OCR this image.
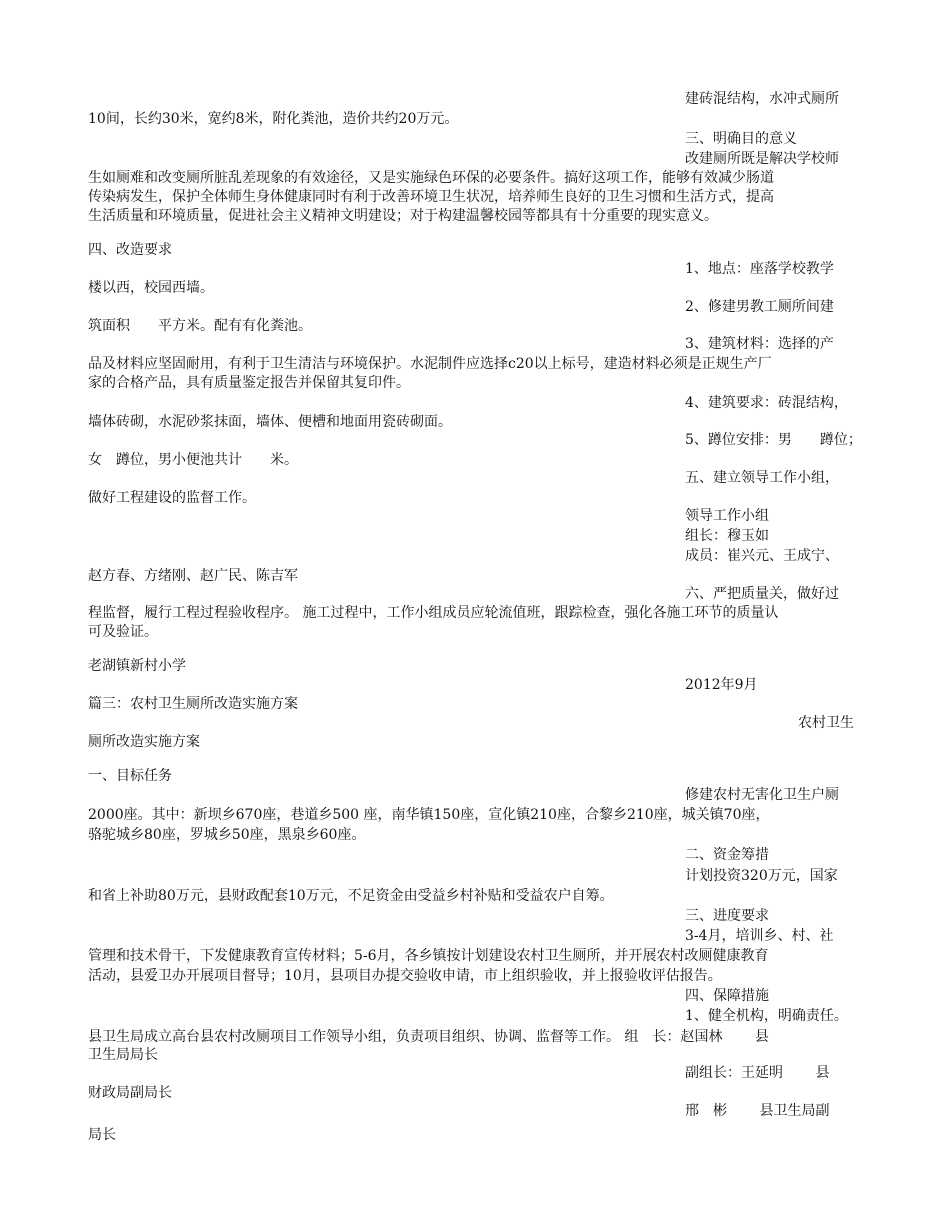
建砖混结构，水冲式厕所
10间，长约30米，宽约8米，附化粪池，造价共约20万元。
三、明确目的意义
改建厕所既是解决学校师
生如厕难和改变厕所脏乱差现象的有效途径，又是实施绿色环保的必要条件。搞好这项工作，能够有效减少肠道
传染病发生，保护全体师生身体健康同时有利于改善环境卫生状况，培养师生良好的卫生习惯和生活方式，提高
生活质量和环境质量，促进社会主义精神文明建设；对于构建温馨校园等都具有十分重要的现实意义。
四、改造要求
1、地点：座落学校教学
楼以西，校园西墙。
2、修建男教工厕所间建
筑面积　　平方米。配有有化粪池。
3、建筑材料：选择的产
品及材料应坚固耐用，有利于卫生清洁与环境保护。水泥制件应选择c20以上标号，建造材料必须是正规生产厂
家的合格产品，具有质量鉴定报告并保留其复印件。
4、建筑要求：砖混结构，
墙体砖砌，水泥砂浆抹面，墙体、便槽和地面用瓷砖砌面。
5、蹲位安排：男　　蹲位；
女　蹲位，男小便池共计　　米。
五、建立领导工作小组，
做好工程建设的监督工作。
领导工作小组
组长：穆玉如
成员：崔兴元、王成宁、
赵方春、方绪刚、赵广民、陈吉军
六、严把质量关，做好过
程监督，履行工程过程验收程序。 施工过程中，工作小组成员应轮流值班，跟踪检查，强化各施工环节的质量认
可及验证。
老湖镇新村小学
2012年9月
篇三：农村卫生厕所改造实施方案
农村卫生
厕所改造实施方案
一、目标任务
修建农村无害化卫生户厕
2000座。其中：新坝乡670座，巷道乡500 座，南华镇150座，宣化镇210座，合黎乡210座，城关镇70座，
骆驼城乡80座，罗城乡50座，黑泉乡60座。
二、资金筹措
计划投资320万元，国家
和省上补助80万元，县财政配套10万元，不足资金由受益乡村补贴和受益农户自筹。
三、进度要求
3-4月，培训乡、村、社
管理和技术骨干，下发健康教育宣传材料；5-6月，各乡镇按计划建设农村卫生厕所，并开展农村改厕健康教育
活动，县爱卫办开展项目督导；10月，县项目办提交验收申请，市上组织验收，并上报验收评估报告。
四、保障措施
1、健全机构，明确责任。
县卫生局成立高台县农村改厕项目工作领导小组，负责项目组织、协调、监督等工作。 组　长：赵国林　　 县
卫生局局长
副组长：王延明　　 县
财政局副局长
邢　彬　　 县卫生局副
局长
